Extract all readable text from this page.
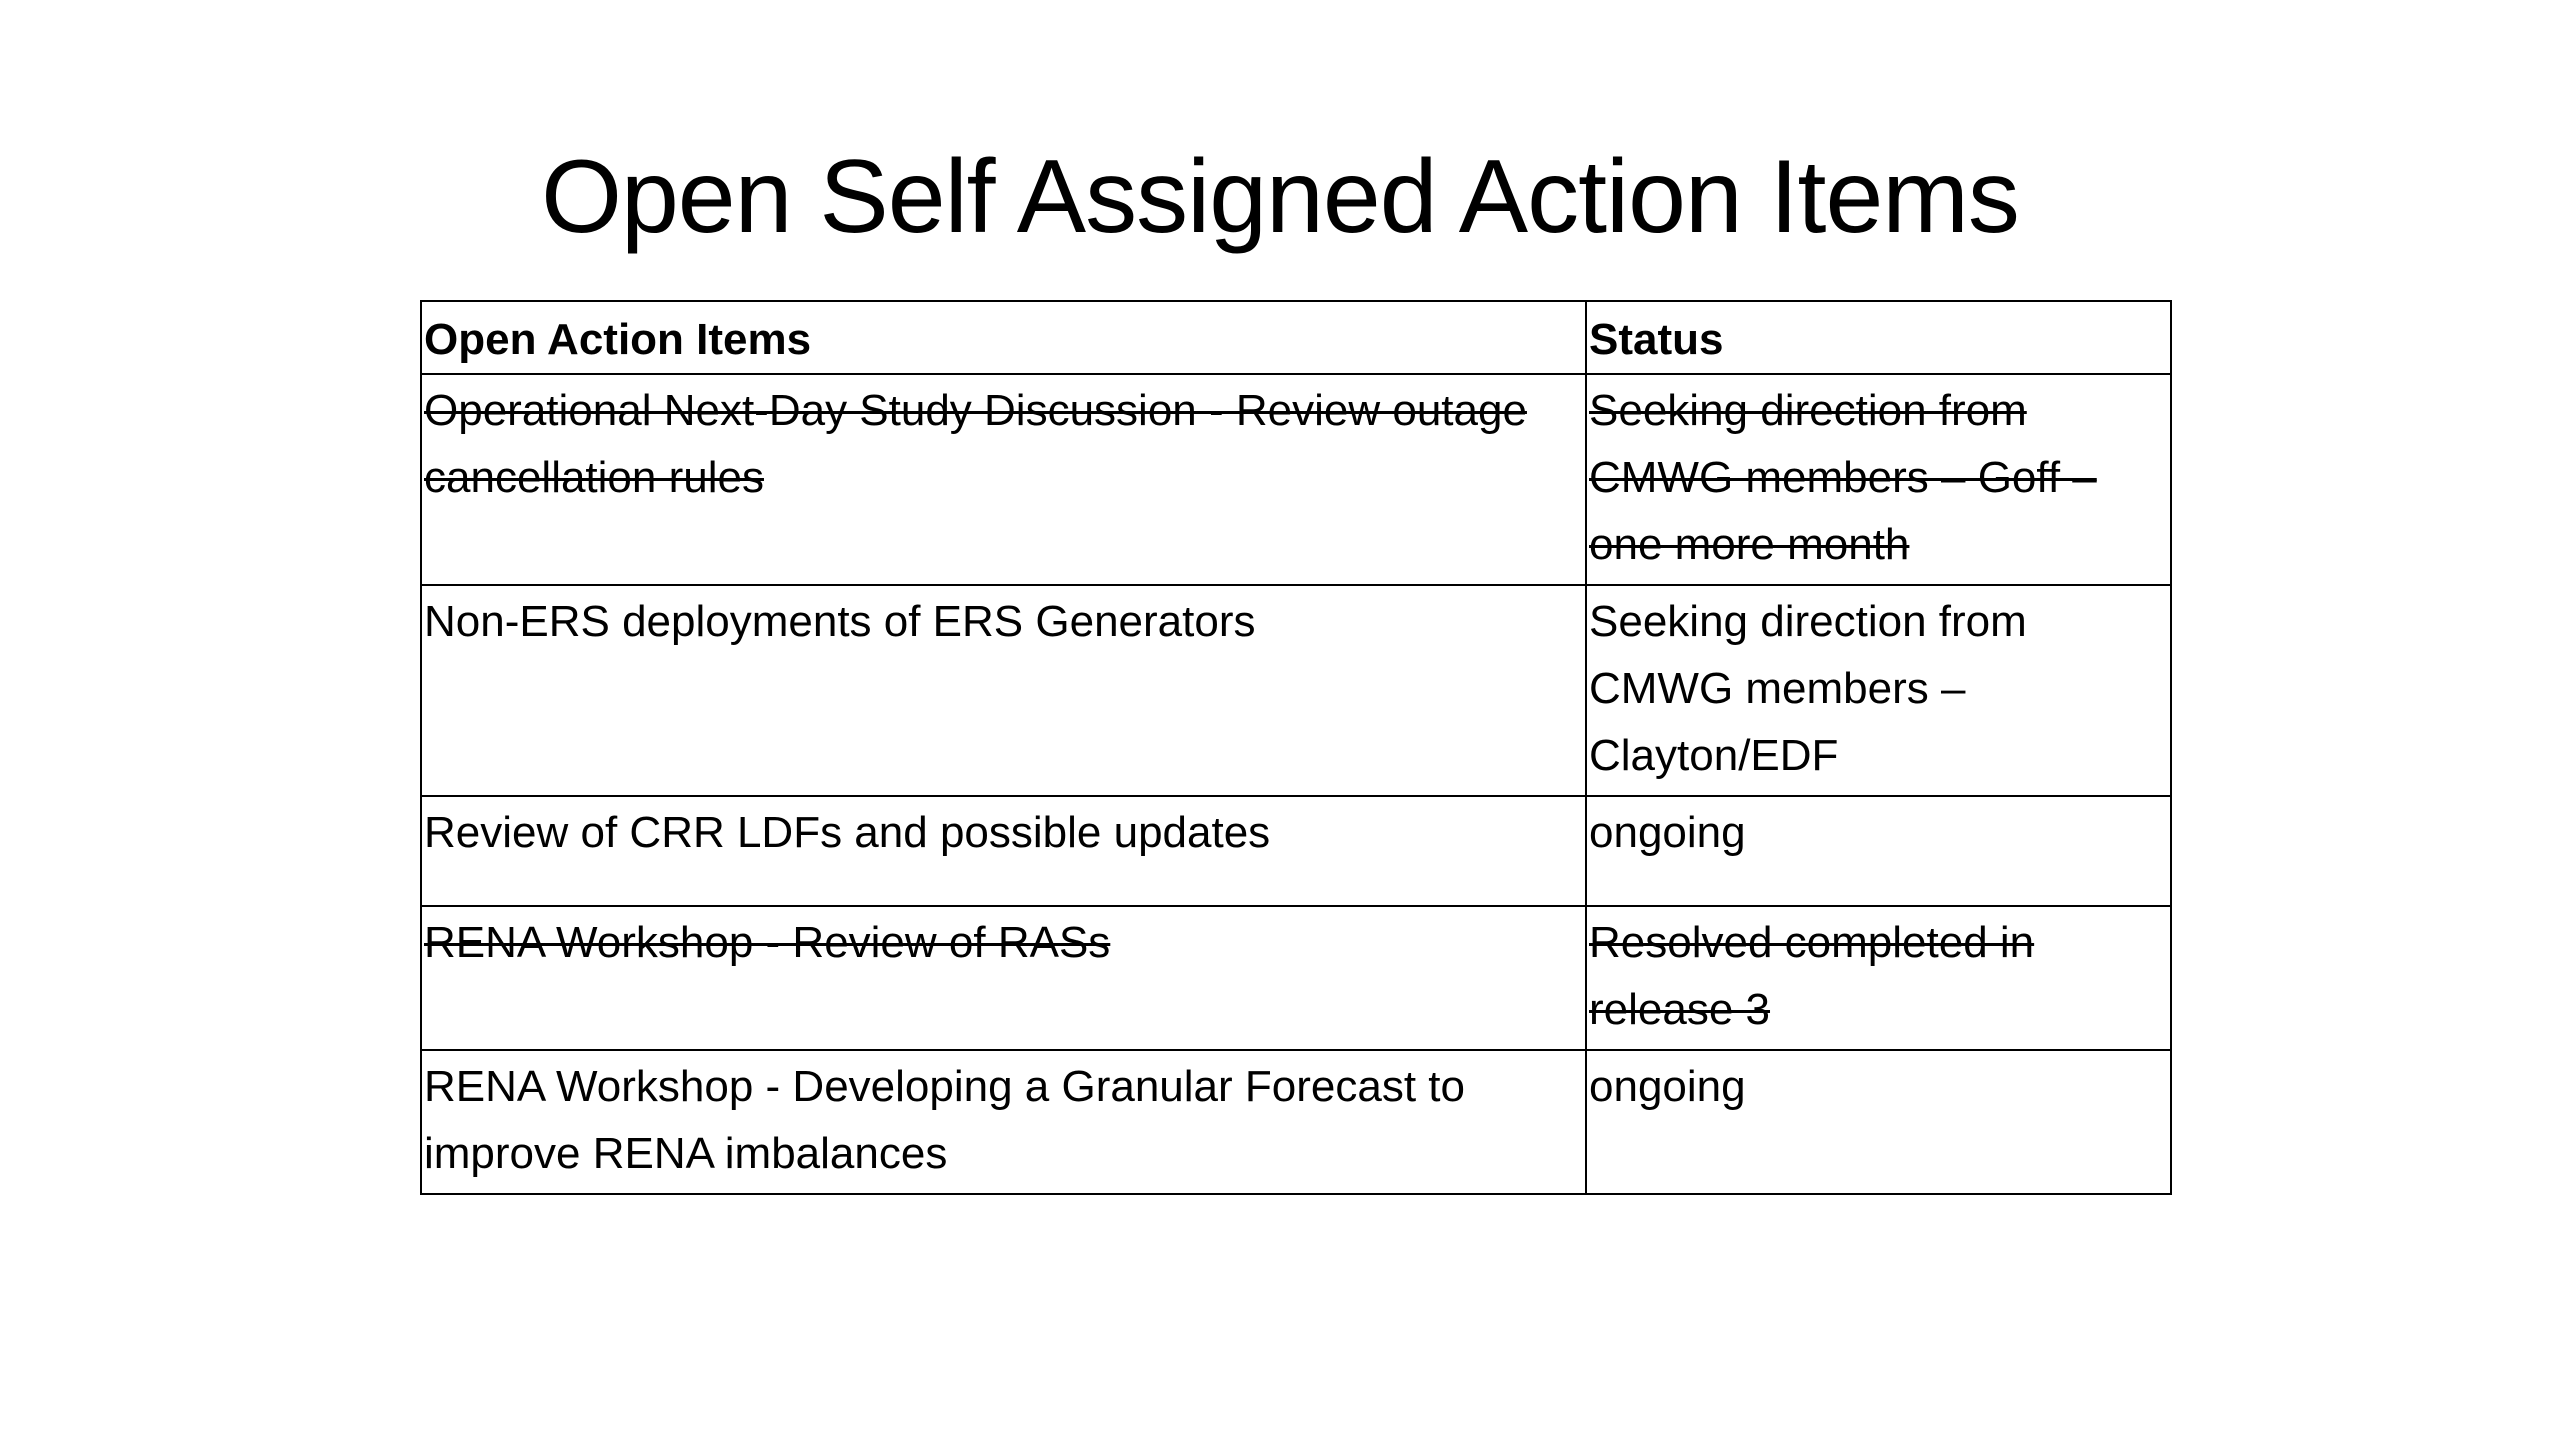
Open Self Assigned Action Items
Open Action Items	Status
Operational Next-Day Study Discussion - Review outage cancellation rules	Seeking direction from CMWG members – Goff – one more month
Non-ERS deployments of ERS Generators	Seeking direction from CMWG members – Clayton/EDF
Review of CRR LDFs and possible updates	ongoing
RENA Workshop - Review of RASs	Resolved completed in release 3
RENA Workshop - Developing a Granular Forecast to improve RENA imbalances	ongoing
